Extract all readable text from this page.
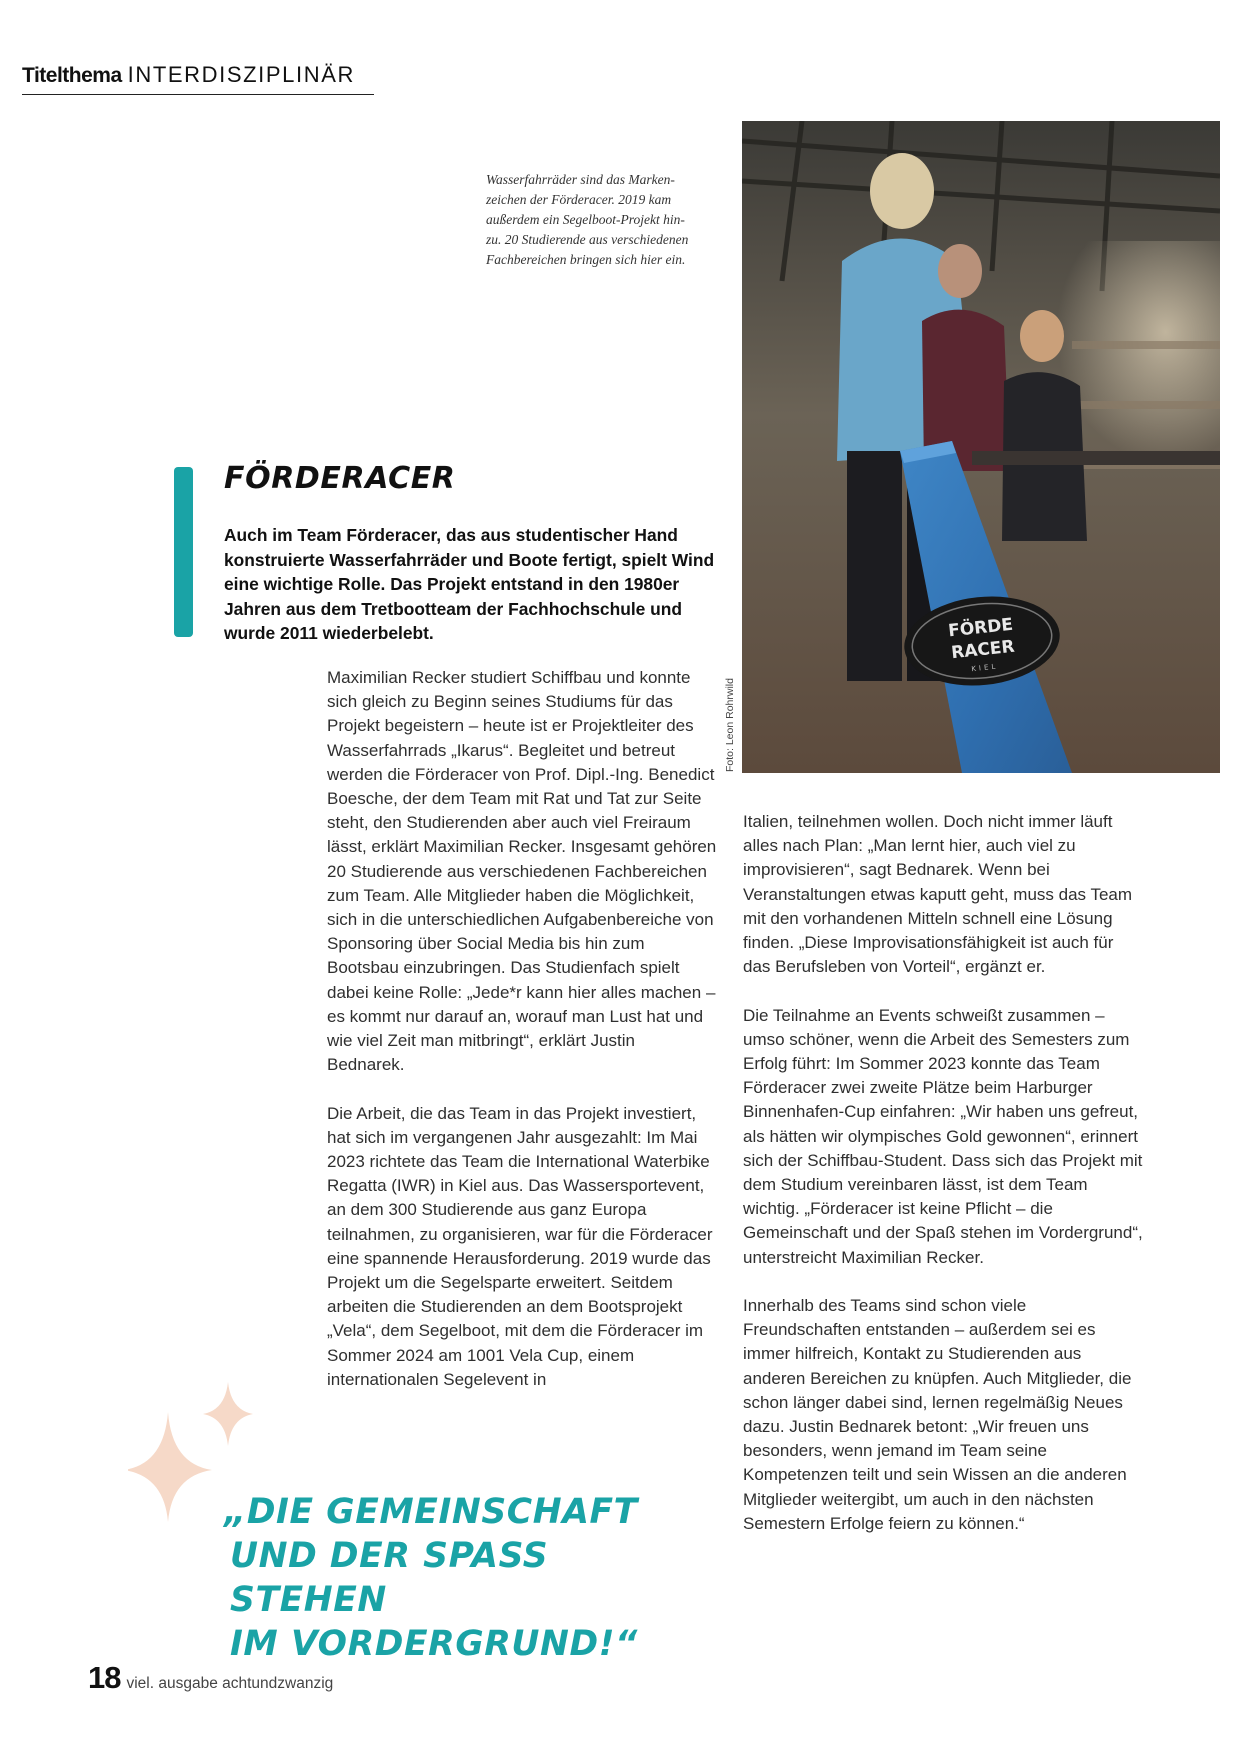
Titelthema INTERDISZIPLINÄR
Wasserfahrräder sind das Marken-
zeichen der Förderacer. 2019 kam
außerdem ein Segelboot-Projekt hin-
zu. 20 Studierende aus verschiedenen
Fachbereichen bringen sich hier ein.
FÖRDE
RACER
KIEL
Foto: Leon Rohrwild
FÖRDERACER
Auch im Team Förderacer, das aus studentischer Hand konstruierte Wasserfahrräder und Boote fertigt, spielt Wind eine wichtige Rolle. Das Projekt entstand in den 1980er Jahren aus dem Tretbootteam der Fachhochschule und wurde 2011 wiederbelebt.

Maximilian Recker studiert Schiffbau und konnte sich gleich zu Beginn seines Studiums für das Projekt begeistern – heute ist er Projektleiter des Wasserfahrrads „Ikarus“. Begleitet und betreut werden die Förderacer von Prof. Dipl.-Ing. Benedict Boesche, der dem Team mit Rat und Tat zur Seite steht, den Studierenden aber auch viel Freiraum lässt, erklärt Maximilian Recker. Insgesamt gehören 20 Studierende aus verschiedenen Fachbereichen zum Team. Alle Mitglieder haben die Möglichkeit, sich in die unterschiedlichen Aufgabenbereiche von Sponsoring über Social Media bis hin zum Bootsbau einzubringen. Das Studienfach spielt dabei keine Rolle: „Jede*r kann hier alles machen – es kommt nur darauf an, worauf man Lust hat und wie viel Zeit man mitbringt“, erklärt Justin Bednarek.

Die Arbeit, die das Team in das Projekt investiert, hat sich im vergangenen Jahr ausgezahlt: Im Mai 2023 richtete das Team die International Waterbike Regatta (IWR) in Kiel aus. Das Wassersportevent, an dem 300 Studierende aus ganz Europa teilnahmen, zu organisieren, war für die Förderacer eine spannende Herausforderung. 2019 wurde das Projekt um die Segelsparte erweitert. Seitdem arbeiten die Studierenden an dem Bootsprojekt „Vela“, dem Segelboot, mit dem die Förderacer im Sommer 2024 am 1001 Vela Cup, einem internationalen Segelevent in

Italien, teilnehmen wollen. Doch nicht immer läuft alles nach Plan: „Man lernt hier, auch viel zu improvisieren“, sagt Bednarek. Wenn bei Veranstaltungen etwas kaputt geht, muss das Team mit den vorhandenen Mitteln schnell eine Lösung finden. „Diese Improvisationsfähigkeit ist auch für das Berufsleben von Vorteil“, ergänzt er.

Die Teilnahme an Events schweißt zusammen – umso schöner, wenn die Arbeit des Semesters zum Erfolg führt: Im Sommer 2023 konnte das Team Förderacer zwei zweite Plätze beim Harburger Binnenhafen-Cup einfahren: „Wir haben uns gefreut, als hätten wir olympisches Gold gewonnen“, erinnert sich der Schiffbau-Student. Dass sich das Projekt mit dem Studium vereinbaren lässt, ist dem Team wichtig. „Förderacer ist keine Pflicht – die Gemeinschaft und der Spaß stehen im Vordergrund“, unterstreicht Maximilian Recker.

Innerhalb des Teams sind schon viele Freundschaften entstanden – außerdem sei es immer hilfreich, Kontakt zu Studierenden aus anderen Bereichen zu knüpfen. Auch Mitglieder, die schon länger dabei sind, lernen regelmäßig Neues dazu. Justin Bednarek betont: „Wir freuen uns besonders, wenn jemand im Team seine Kompetenzen teilt und sein Wissen an die anderen Mitglieder weitergibt, um auch in den nächsten Semestern Erfolge feiern zu können.“

„DIE GEMEINSCHAFT
UND DER SPASS STEHEN
IM VORDERGRUND!“
18 viel. ausgabe achtundzwanzig
